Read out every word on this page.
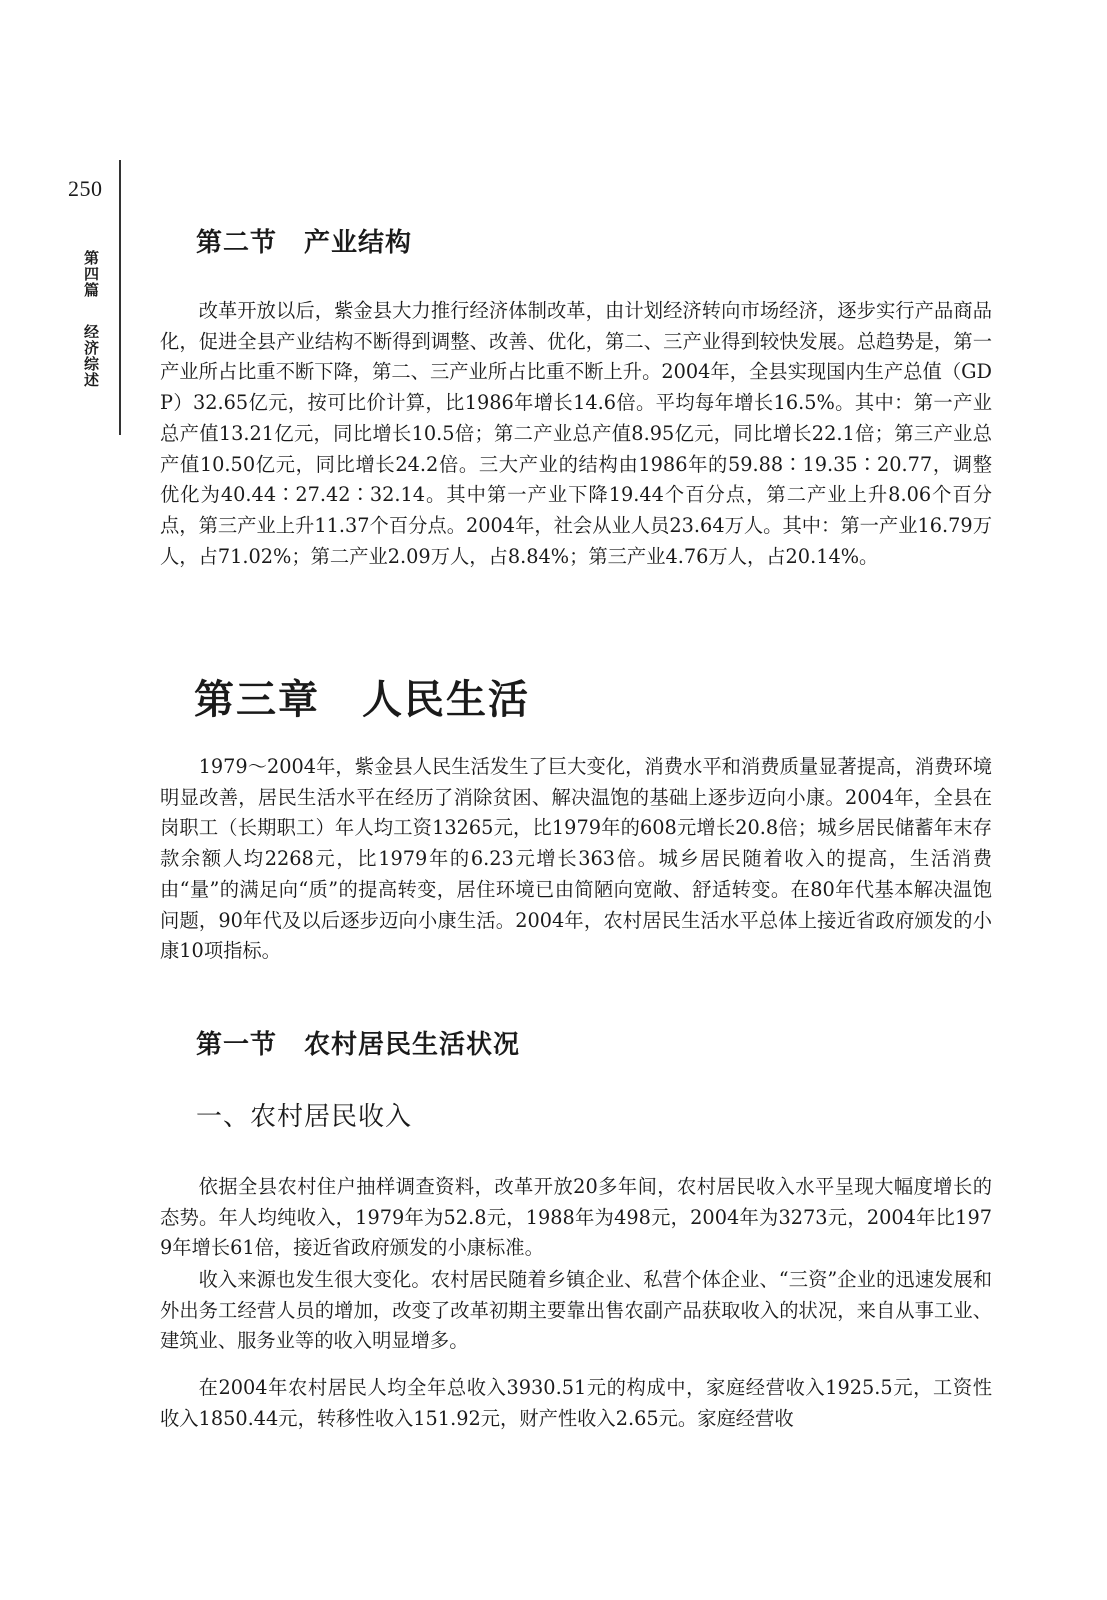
250
第四篇经济综述
第二节　产业结构

改革开放以后，紫金县大力推行经济体制改革，由计划经济转向市场经济，逐步实行产品商品化，促进全县产业结构不断得到调整、改善、优化，第二、三产业得到较快发展。总趋势是，第一产业所占比重不断下降，第二、三产业所占比重不断上升。2004年，全县实现国内生产总值（GDP）32.65亿元，按可比价计算，比1986年增长14.6倍。平均每年增长16.5%。其中：第一产业总产值13.21亿元，同比增长10.5倍；第二产业总产值8.95亿元，同比增长22.1倍；第三产业总产值10.50亿元，同比增长24.2倍。三大产业的结构由1986年的59.88∶19.35∶20.77，调整优化为40.44∶27.42∶32.14。其中第一产业下降19.44个百分点，第二产业上升8.06个百分点，第三产业上升11.37个百分点。2004年，社会从业人员23.64万人。其中：第一产业16.79万人，占71.02%；第二产业2.09万人，占8.84%；第三产业4.76万人，占20.14%。

第三章　人民生活

1979～2004年，紫金县人民生活发生了巨大变化，消费水平和消费质量显著提高，消费环境明显改善，居民生活水平在经历了消除贫困、解决温饱的基础上逐步迈向小康。2004年，全县在岗职工（长期职工）年人均工资13265元，比1979年的608元增长20.8倍；城乡居民储蓄年末存款余额人均2268元，比1979年的6.23元增长363倍。城乡居民随着收入的提高，生活消费由“量”的满足向“质”的提高转变，居住环境已由简陋向宽敞、舒适转变。在80年代基本解决温饱问题，90年代及以后逐步迈向小康生活。2004年，农村居民生活水平总体上接近省政府颁发的小康10项指标。

第一节　农村居民生活状况
一、农村居民收入

依据全县农村住户抽样调查资料，改革开放20多年间，农村居民收入水平呈现大幅度增长的态势。年人均纯收入，1979年为52.8元，1988年为498元，2004年为3273元，2004年比1979年增长61倍，接近省政府颁发的小康标准。

收入来源也发生很大变化。农村居民随着乡镇企业、私营个体企业、“三资”企业的迅速发展和外出务工经营人员的增加，改变了改革初期主要靠出售农副产品获取收入的状况，来自从事工业、建筑业、服务业等的收入明显增多。

在2004年农村居民人均全年总收入3930.51元的构成中，家庭经营收入1925.5元，工资性收入1850.44元，转移性收入151.92元，财产性收入2.65元。家庭经营收
